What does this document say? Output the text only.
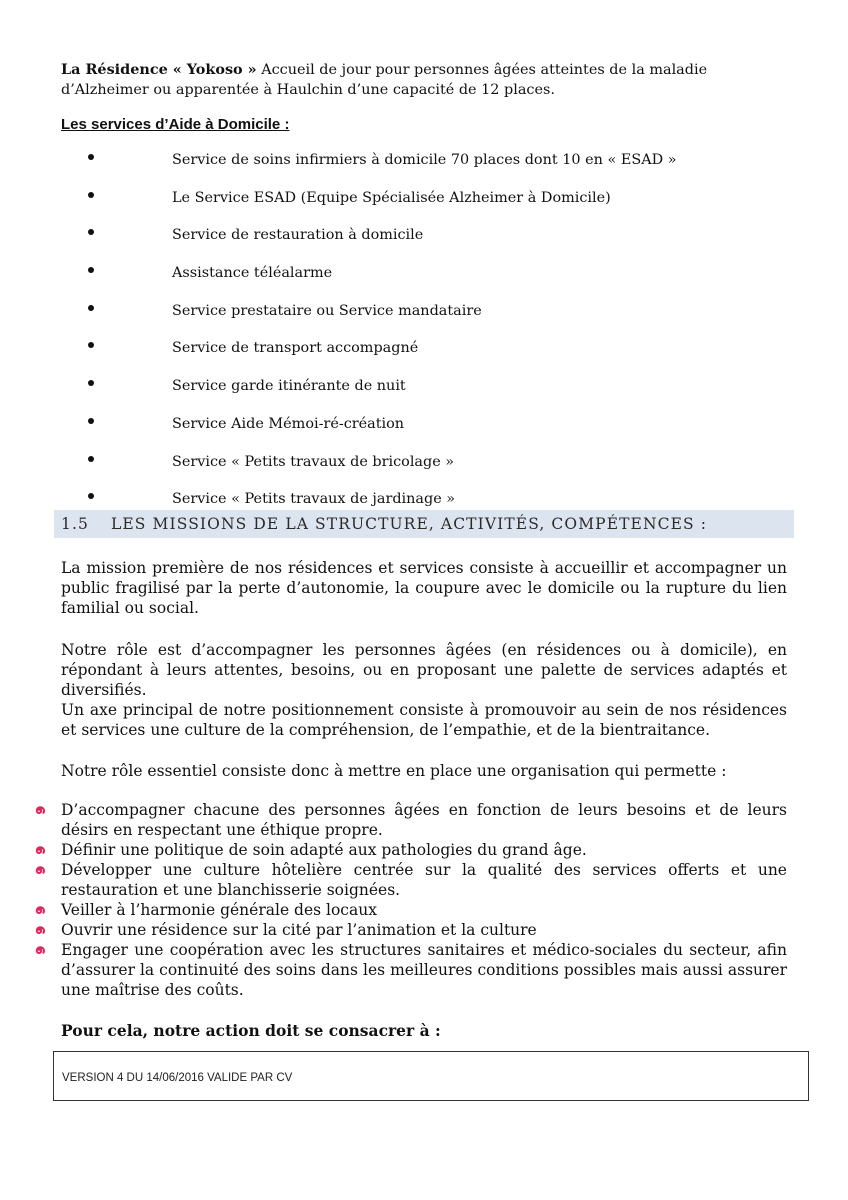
La Résidence « Yokoso » Accueil de jour pour personnes âgées atteintes de la maladie d’Alzheimer ou apparentée à Haulchin d’une capacité de 12 places.

Les services d’Aide à Domicile :
Service de soins infirmiers à domicile 70 places dont 10 en « ESAD »
Le Service ESAD (Equipe Spécialisée Alzheimer à Domicile)
Service de restauration à domicile
Assistance téléalarme
Service prestataire ou Service mandataire
Service de transport accompagné
Service garde itinérante de nuit
Service Aide Mémoi-ré-création
Service « Petits travaux de bricolage »
Service « Petits travaux de jardinage »
1.5 LES MISSIONS DE LA STRUCTURE, ACTIVITÉS, COMPÉTENCES :

La mission première de nos résidences et services consiste à accueillir et accompagner un public fragilisé par la perte d’autonomie, la coupure avec le domicile ou la rupture du lien familial ou social.

Notre rôle est d’accompagner les personnes âgées (en résidences ou à domicile), en répondant à leurs attentes, besoins, ou en proposant une palette de services adaptés et diversifiés.

Un axe principal de notre positionnement consiste à promouvoir au sein de nos résidences et services une culture de la compréhension, de l’empathie, et de la bientraitance.

Notre rôle essentiel consiste donc à mettre en place une organisation qui permette :

D’accompagner chacune des personnes âgées en fonction de leurs besoins et de leurs désirs en respectant une éthique propre.
Définir une politique de soin adapté aux pathologies du grand âge.
Développer une culture hôtelière centrée sur la qualité des services offerts et une restauration et une blanchisserie soignées.
Veiller à l’harmonie générale des locaux
Ouvrir une résidence sur la cité par l’animation et la culture
Engager une coopération avec les structures sanitaires et médico-sociales du secteur, afin d’assurer la continuité des soins dans les meilleures conditions possibles mais aussi assurer une maîtrise des coûts.
Pour cela, notre action doit se consacrer à :
VERSION 4 DU 14/06/2016 VALIDE PAR CV
